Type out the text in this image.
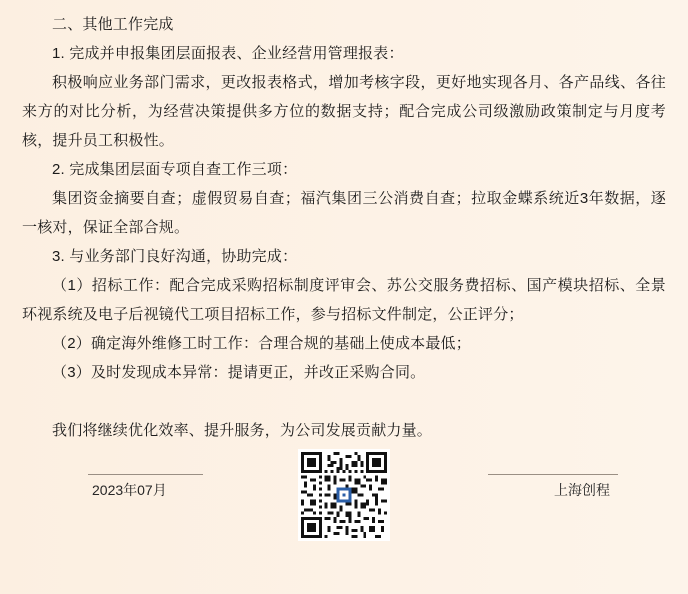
二、其他工作完成

1. 完成并申报集团层面报表、企业经营用管理报表：

积极响应业务部门需求，更改报表格式，增加考核字段，更好地实现各月、各产品线、各往来方的对比分析，为经营决策提供多方位的数据支持；配合完成公司级激励政策制定与月度考核，提升员工积极性。

2. 完成集团层面专项自查工作三项：

集团资金摘要自查；虚假贸易自查；福汽集团三公消费自查；拉取金蝶系统近3年数据，逐一核对，保证全部合规。

3. 与业务部门良好沟通，协助完成：

（1）招标工作：配合完成采购招标制度评审会、苏公交服务费招标、国产模块招标、全景环视系统及电子后视镜代工项目招标工作，参与招标文件制定，公正评分；

（2）确定海外维修工时工作：合理合规的基础上使成本最低；

（3）及时发现成本异常：提请更正，并改正采购合同。

我们将继续优化效率、提升服务，为公司发展贡献力量。

2023年07月	上海创程
